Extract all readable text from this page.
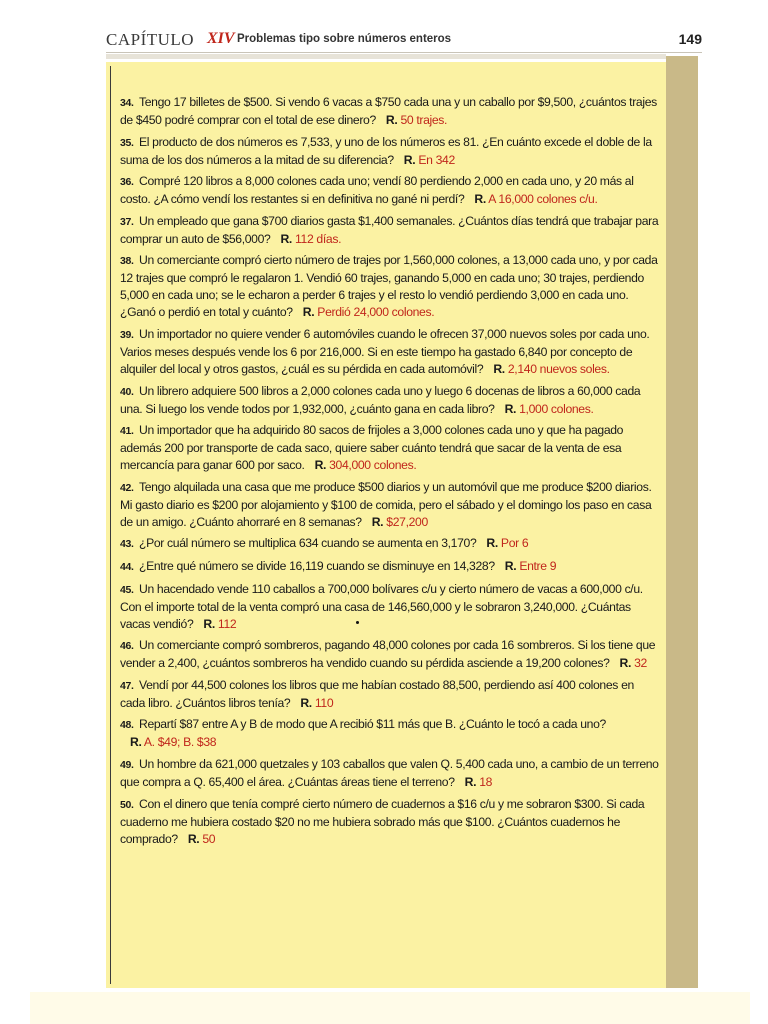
CAPÍTULO XIV Problemas tipo sobre números enteros	149
34. Tengo 17 billetes de $500. Si vendo 6 vacas a $750 cada una y un caballo por $9,500, ¿cuántos trajes de $450 podré comprar con el total de ese dinero? R. 50 trajes.
35. El producto de dos números es 7,533, y uno de los números es 81. ¿En cuánto excede el doble de la suma de los dos números a la mitad de su diferencia? R. En 342
36. Compré 120 libros a 8,000 colones cada uno; vendí 80 perdiendo 2,000 en cada uno, y 20 más al costo. ¿A cómo vendí los restantes si en definitiva no gané ni perdí? R. A 16,000 colones c/u.
37. Un empleado que gana $700 diarios gasta $1,400 semanales. ¿Cuántos días tendrá que trabajar para comprar un auto de $56,000? R. 112 días.
38. Un comerciante compró cierto número de trajes por 1,560,000 colones, a 13,000 cada uno, y por cada 12 trajes que compró le regalaron 1. Vendió 60 trajes, ganando 5,000 en cada uno; 30 trajes, perdiendo 5,000 en cada uno; se le echaron a perder 6 trajes y el resto lo vendió perdiendo 3,000 en cada uno. ¿Ganó o perdió en total y cuánto? R. Perdió 24,000 colones.
39. Un importador no quiere vender 6 automóviles cuando le ofrecen 37,000 nuevos soles por cada uno. Varios meses después vende los 6 por 216,000. Si en este tiempo ha gastado 6,840 por concepto de alquiler del local y otros gastos, ¿cuál es su pérdida en cada automóvil? R. 2,140 nuevos soles.
40. Un librero adquiere 500 libros a 2,000 colones cada uno y luego 6 docenas de libros a 60,000 cada una. Si luego los vende todos por 1,932,000, ¿cuánto gana en cada libro? R. 1,000 colones.
41. Un importador que ha adquirido 80 sacos de frijoles a 3,000 colones cada uno y que ha pagado además 200 por transporte de cada saco, quiere saber cuánto tendrá que sacar de la venta de esa mercancía para ganar 600 por saco. R. 304,000 colones.
42. Tengo alquilada una casa que me produce $500 diarios y un automóvil que me produce $200 diarios. Mi gasto diario es $200 por alojamiento y $100 de comida, pero el sábado y el domingo los paso en casa de un amigo. ¿Cuánto ahorraré en 8 semanas? R. $27,200
43. ¿Por cuál número se multiplica 634 cuando se aumenta en 3,170? R. Por 6
44. ¿Entre qué número se divide 16,119 cuando se disminuye en 14,328? R. Entre 9
45. Un hacendado vende 110 caballos a 700,000 bolívares c/u y cierto número de vacas a 600,000 c/u. Con el importe total de la venta compró una casa de 146,560,000 y le sobraron 3,240,000. ¿Cuántas vacas vendió? R. 112
46. Un comerciante compró sombreros, pagando 48,000 colones por cada 16 sombreros. Si los tiene que vender a 2,400, ¿cuántos sombreros ha vendido cuando su pérdida asciende a 19,200 colones? R. 32
47. Vendí por 44,500 colones los libros que me habían costado 88,500, perdiendo así 400 colones en cada libro. ¿Cuántos libros tenía? R. 110
48. Repartí $87 entre A y B de modo que A recibió $11 más que B. ¿Cuánto le tocó a cada uno?R. A. $49; B. $38
49. Un hombre da 621,000 quetzales y 103 caballos que valen Q. 5,400 cada uno, a cambio de un terreno que compra a Q. 65,400 el área. ¿Cuántas áreas tiene el terreno? R. 18
50. Con el dinero que tenía compré cierto número de cuadernos a $16 c/u y me sobraron $300. Si cada cuaderno me hubiera costado $20 no me hubiera sobrado más que $100. ¿Cuántos cuadernos he comprado? R. 50
